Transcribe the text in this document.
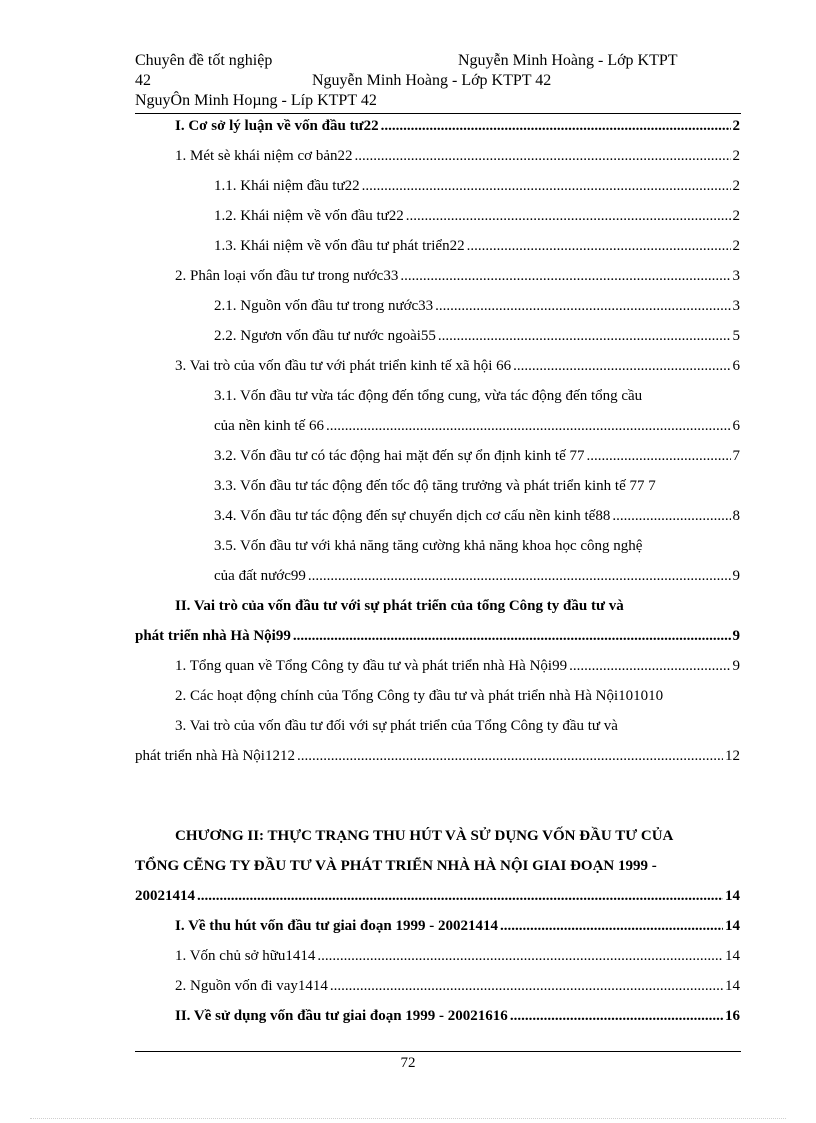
Chuyên đề tốt nghiệp	Nguyễn Minh Hoàng - Lớp KTPT
42	Nguyễn Minh Hoàng - Lớp KTPT 42
NguyÔn Minh Hoµng - Líp KTPT 42
I. Cơ sở lý luận về vốn đầu tư22 .....	2
1. Mét sè khái niệm cơ bản22 .....	2
1.1. Khái niệm đầu tư22 .....	2
1.2. Khái niệm về vốn đầu tư22 .....	2
1.3. Khái niệm về vốn đầu tư phát triển22 .....	2
2. Phân loại vốn đầu tư trong nước33 .....	3
2.1. Nguồn vốn đầu tư trong nước33 .....	3
2.2. Ngươn vốn đầu tư nước ngoài55 .....	5
3. Vai trò của vốn đầu tư với phát triển kinh tế xã hội 66 .....	6
3.1. Vốn đầu tư vừa tác động đến tổng cung, vừa tác động đến tổng cầu
của nền kinh tế 66 .....	6
3.2. Vốn đầu tư có tác động hai mặt đến sự ổn định kinh tế 77 .....	7
3.3. Vốn đầu tư tác động đến tốc độ tăng trưởng và phát triển kinh tế 77 7
3.4. Vốn đầu tư tác động đến sự chuyển dịch cơ cấu nền kinh tế88 .....	8
3.5. Vốn đầu tư với khả năng tăng cường khả năng khoa học công nghệ
của đất nước99 .....	9
II. Vai trò của vốn đầu tư với sự phát triển của tổng Công ty đầu tư và
phát triển nhà Hà Nội99 .....	9
1. Tổng quan về Tổng Công ty đầu tư và phát triển nhà Hà Nội99 .....	9
2. Các hoạt động chính của Tổng Công ty đầu tư và phát triển nhà Hà Nội101010
3. Vai trò của vốn đầu tư đối với sự phát triển của Tổng Công ty đầu tư và
phát triển nhà Hà Nội1212 .....	12
CHƯƠNG II: THỰC TRẠNG THU HÚT VÀ SỬ DỤNG VỐN ĐẦU TƯ CỦA
TỔNG CẼNG TY ĐẦU TƯ VÀ PHÁT TRIỂN NHÀ HÀ NỘI GIAI ĐOẠN 1999 -
20021414 .....	14
I. Về thu hút vốn đầu tư giai đoạn 1999 - 20021414 .....	14
1. Vốn chủ sở hữu1414 .....	14
2. Nguồn vốn đi vay1414 .....	14
II. Về sử dụng vốn đầu tư giai đoạn 1999 - 20021616 .....	16
72
